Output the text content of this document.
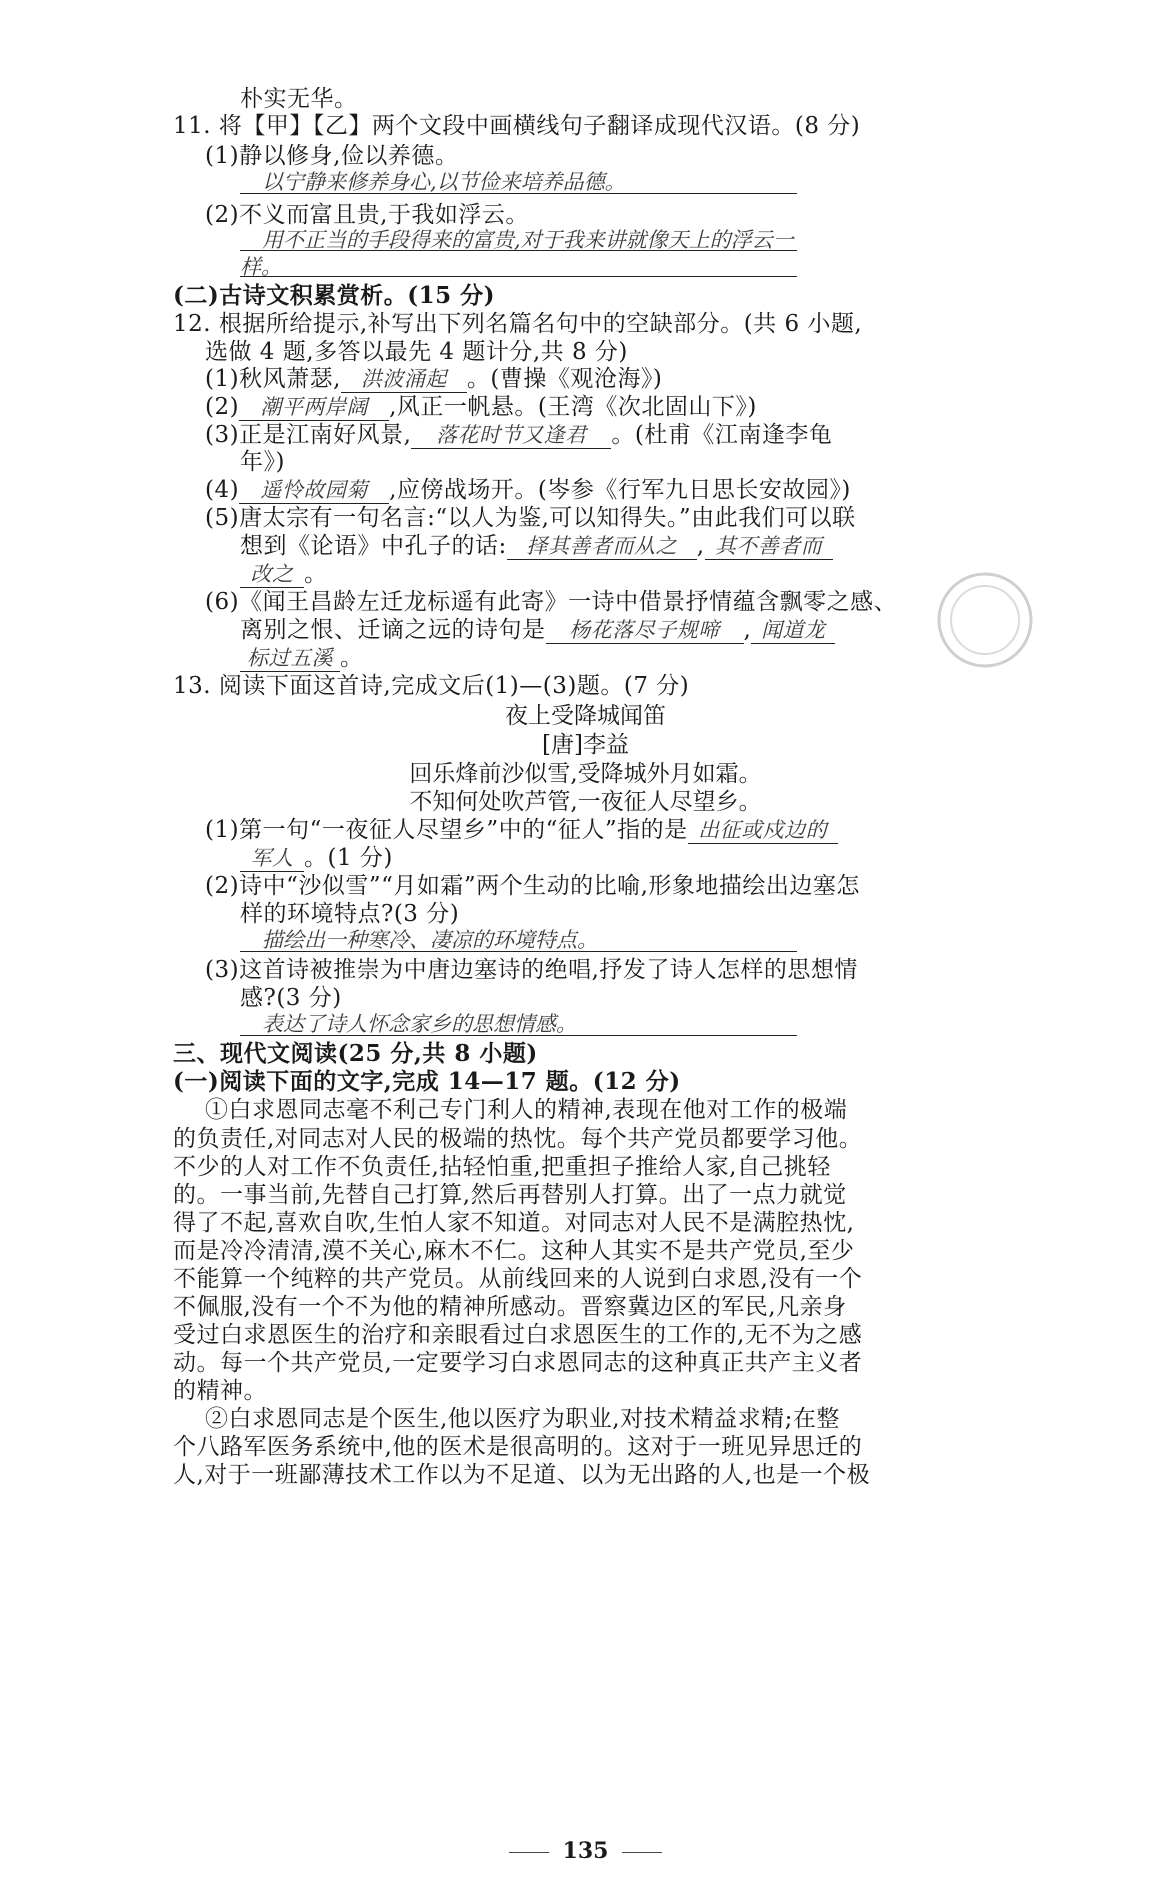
朴实无华。
11. 将【甲】【乙】两个文段中画横线句子翻译成现代汉语。(8 分)
(1)静以修身,俭以养德。
以宁静来修养身心,以节俭来培养品德。
(2)不义而富且贵,于我如浮云。
用不正当的手段得来的富贵,对于我来讲就像天上的浮云一
样。
(二)古诗文积累赏析。(15 分)
12. 根据所给提示,补写出下列名篇名句中的空缺部分。(共 6 小题,
选做 4 题,多答以最先 4 题计分,共 8 分)
(1)秋风萧瑟, 洪波涌起 。(曹操《观沧海》)
(2) 潮平两岸阔 ,风正一帆悬。(王湾《次北固山下》)
(3)正是江南好风景, 落花时节又逢君 。(杜甫《江南逢李龟
年》)
(4) 遥怜故园菊 ,应傍战场开。(岑参《行军九日思长安故园》)
(5)唐太宗有一句名言:“以人为鉴,可以知得失。”由此我们可以联
想到《论语》中孔子的话: 择其善者而从之 , 其不善者而
改之 。
(6)《闻王昌龄左迁龙标遥有此寄》一诗中借景抒情蕴含飘零之感、
离别之恨、迁谪之远的诗句是 杨花落尽子规啼 , 闻道龙
标过五溪 。
13. 阅读下面这首诗,完成文后(1)—(3)题。(7 分)
夜上受降城闻笛
[唐]李益
回乐烽前沙似雪,受降城外月如霜。
不知何处吹芦管,一夜征人尽望乡。
(1)第一句“一夜征人尽望乡”中的“征人”指的是 出征或戍边的
军人 。(1 分)
(2)诗中“沙似雪”“月如霜”两个生动的比喻,形象地描绘出边塞怎
样的环境特点?(3 分)
描绘出一种寒冷、凄凉的环境特点。
(3)这首诗被推崇为中唐边塞诗的绝唱,抒发了诗人怎样的思想情
感?(3 分)
表达了诗人怀念家乡的思想情感。
三、现代文阅读(25 分,共 8 小题)
(一)阅读下面的文字,完成 14—17 题。(12 分)
①白求恩同志毫不利己专门利人的精神,表现在他对工作的极端
的负责任,对同志对人民的极端的热忱。每个共产党员都要学习他。
不少的人对工作不负责任,拈轻怕重,把重担子推给人家,自己挑轻
的。一事当前,先替自己打算,然后再替别人打算。出了一点力就觉
得了不起,喜欢自吹,生怕人家不知道。对同志对人民不是满腔热忱,
而是冷冷清清,漠不关心,麻木不仁。这种人其实不是共产党员,至少
不能算一个纯粹的共产党员。从前线回来的人说到白求恩,没有一个
不佩服,没有一个不为他的精神所感动。晋察冀边区的军民,凡亲身
受过白求恩医生的治疗和亲眼看过白求恩医生的工作的,无不为之感
动。每一个共产党员,一定要学习白求恩同志的这种真正共产主义者
的精神。
②白求恩同志是个医生,他以医疗为职业,对技术精益求精;在整
个八路军医务系统中,他的医术是很高明的。这对于一班见异思迁的
人,对于一班鄙薄技术工作以为不足道、以为无出路的人,也是一个极
135
